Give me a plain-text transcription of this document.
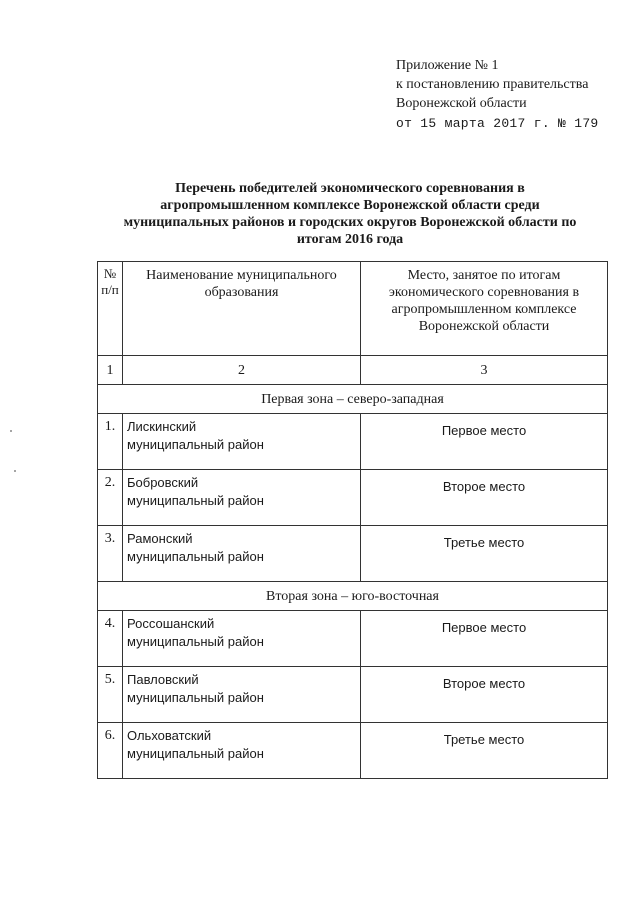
Приложение № 1
к постановлению правительства
Воронежской области
от 15 марта 2017 г. № 179
Перечень победителей экономического соревнования в
агропромышленном комплексе Воронежской области среди
муниципальных районов и городских округов Воронежской области по
итогам 2016 года
№
п/п	Наименование муниципального образования	Место, занятое по итогам экономического соревнования в агропромышленном комплексе Воронежской области
1	2	3
Первая зона – северо-западная		
1.	Лискинский
муниципальный район	Первое место
2.	Бобровский
муниципальный район	Второе место
3.	Рамонский
муниципальный район	Третье место
Вторая зона – юго-восточная		
4.	Россошанский
муниципальный район	Первое место
5.	Павловский
муниципальный район	Второе место
6.	Ольховатский
муниципальный район	Третье место
